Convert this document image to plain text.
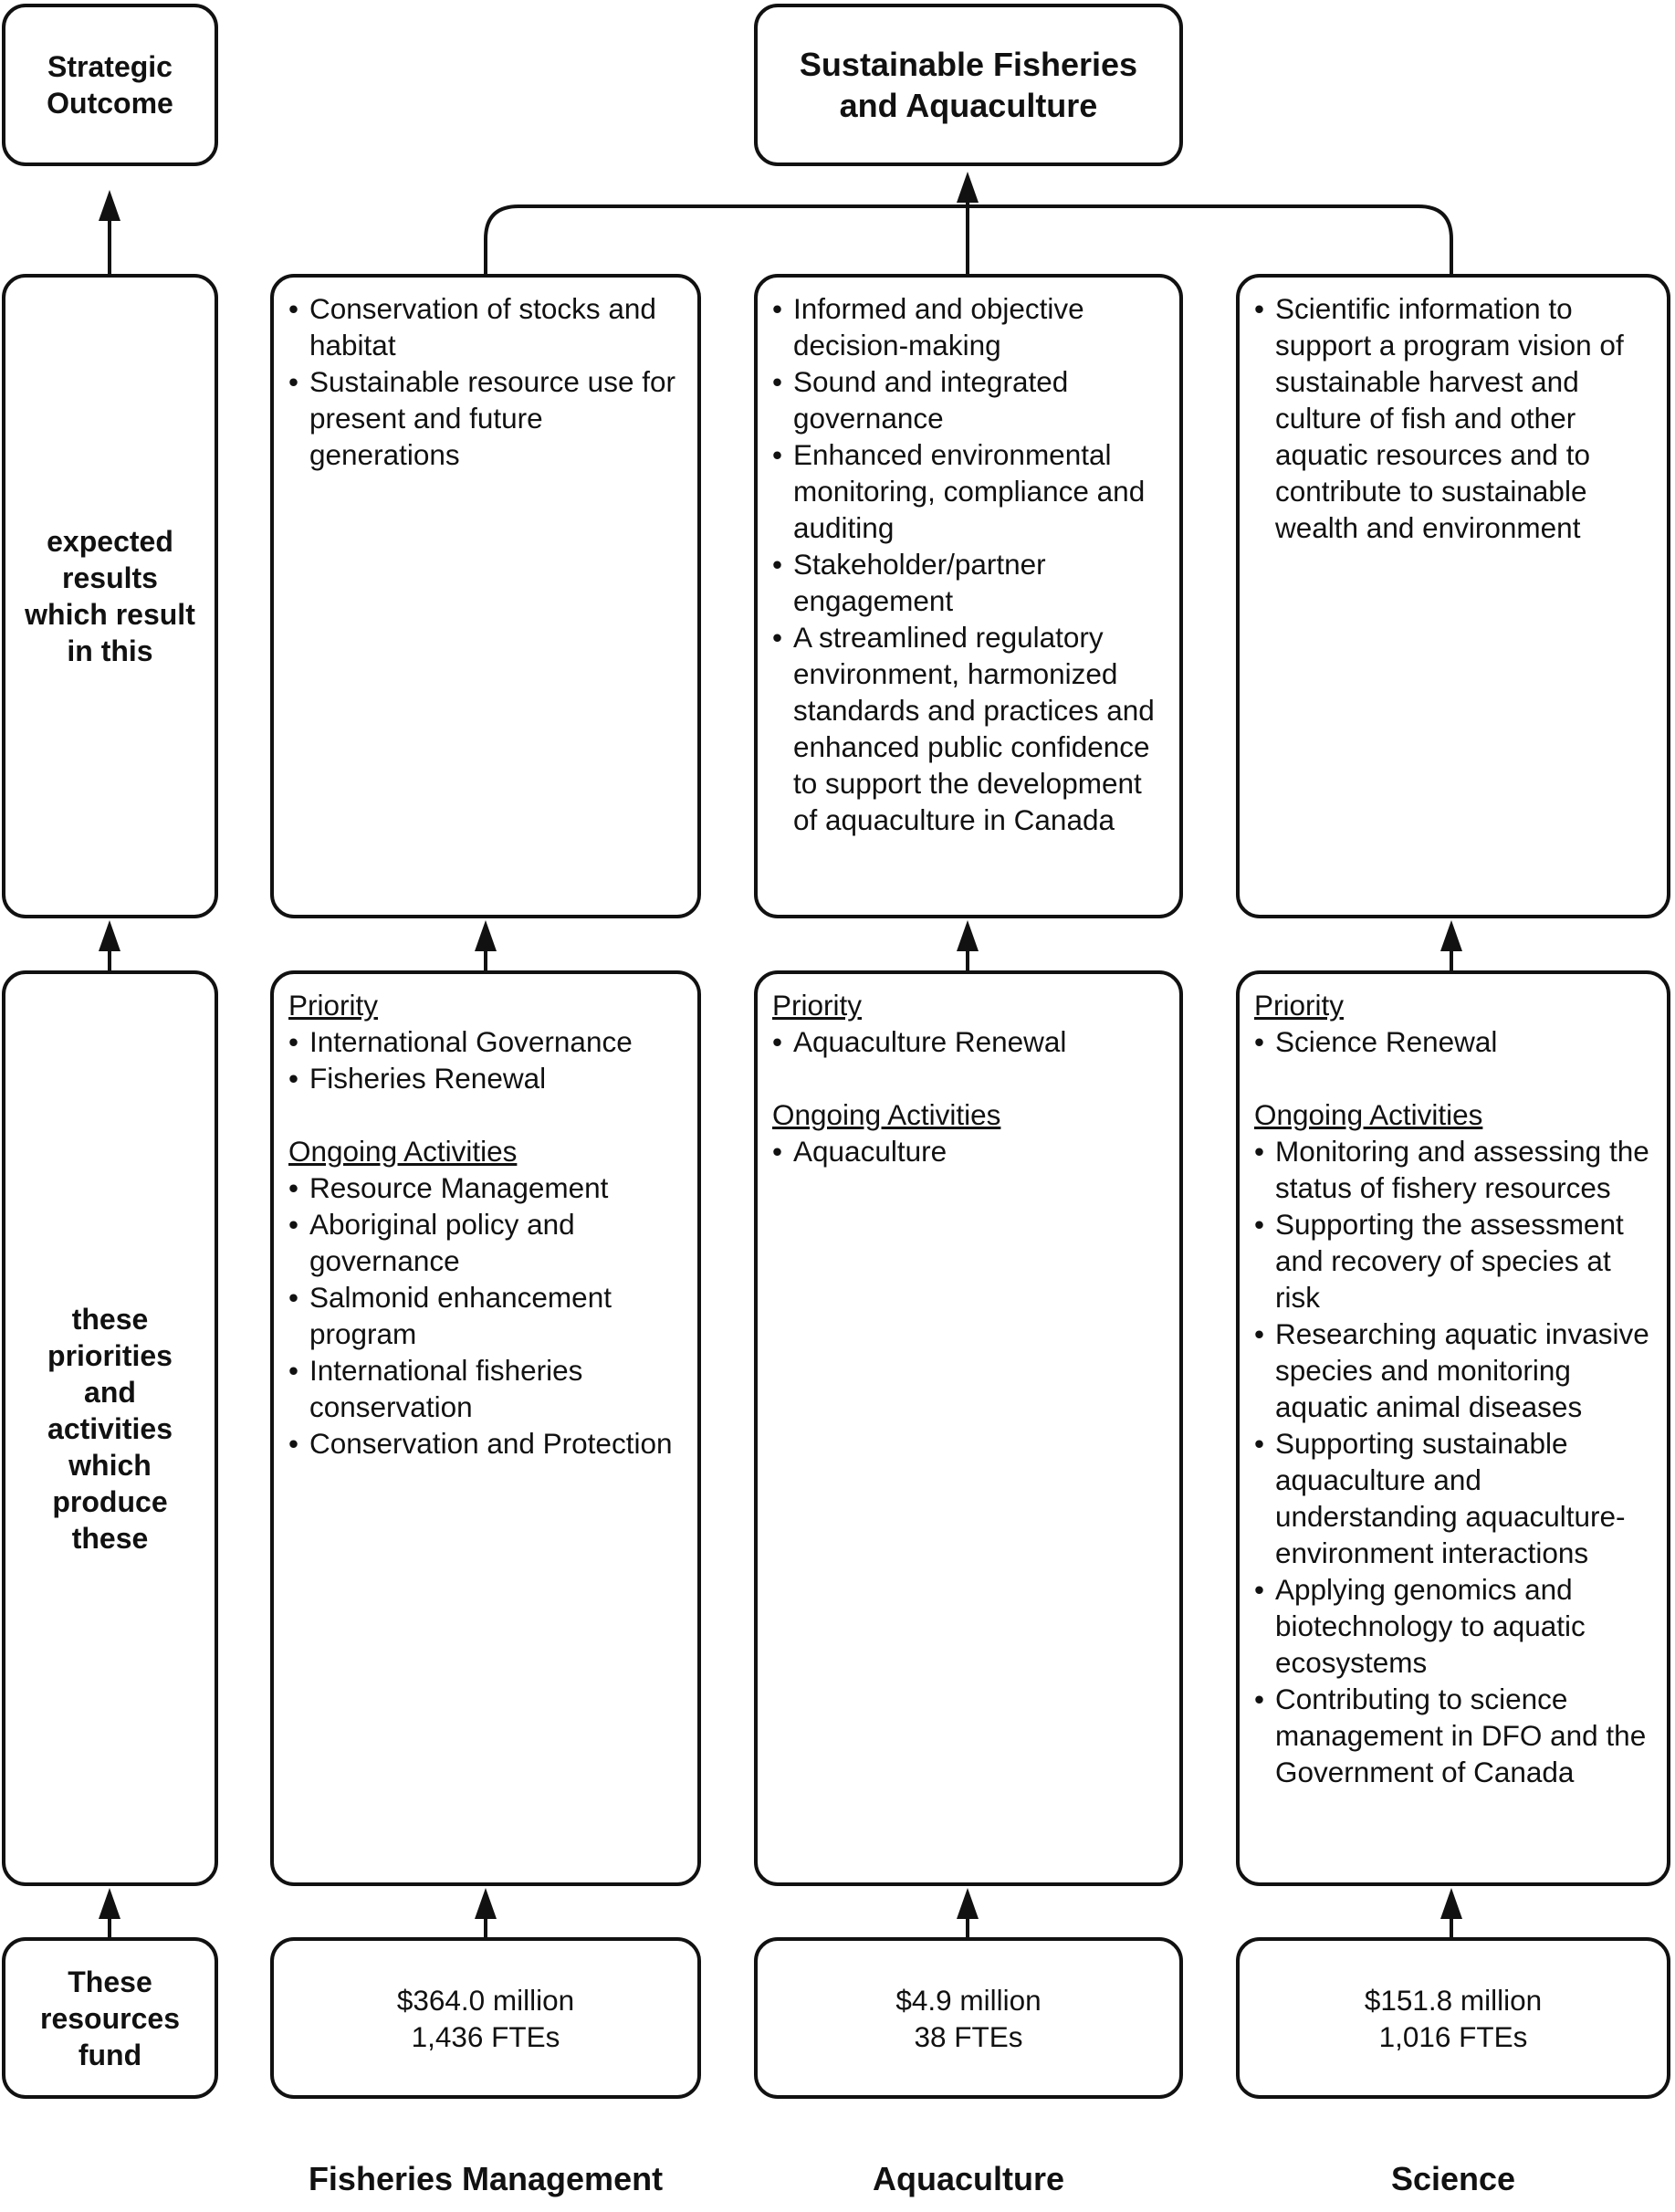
Strategic
Outcome
expected
results
which result
in this
these
priorities
and
activities
which
produce
these
These
resources
fund
Sustainable Fisheries
and Aquaculture
• Conservation of stocks and habitat
• Sustainable resource use for present and future generations
• Informed and objective decision-making
• Sound and integrated governance
• Enhanced environmental monitoring, compliance and auditing
• Stakeholder/partner engagement
• A streamlined regulatory environment, harmonized standards and practices and enhanced public confidence to support the development of aquaculture in Canada
• Scientific information to support a program vision of sustainable harvest and culture of fish and other aquatic resources and to contribute to sustainable wealth and environment
Priority
• International Governance
• Fisheries Renewal
Ongoing Activities
• Resource Management
• Aboriginal policy and governance
• Salmonid enhancement program
• International fisheries conservation
• Conservation and Protection
Priority
• Aquaculture Renewal
Ongoing Activities
• Aquaculture
Priority
• Science Renewal
Ongoing Activities
• Monitoring and assessing the status of fishery resources
• Supporting the assessment and recovery of species at risk
• Researching aquatic invasive species and monitoring aquatic animal diseases
• Supporting sustainable aquaculture and understanding aquaculture-environment interactions
• Applying genomics and biotechnology to aquatic ecosystems
• Contributing to science management in DFO and the Government of Canada
$364.0 million
1,436 FTEs
$4.9 million
38 FTEs
$151.8 million
1,016 FTEs
Fisheries Management	Aquaculture	Science
